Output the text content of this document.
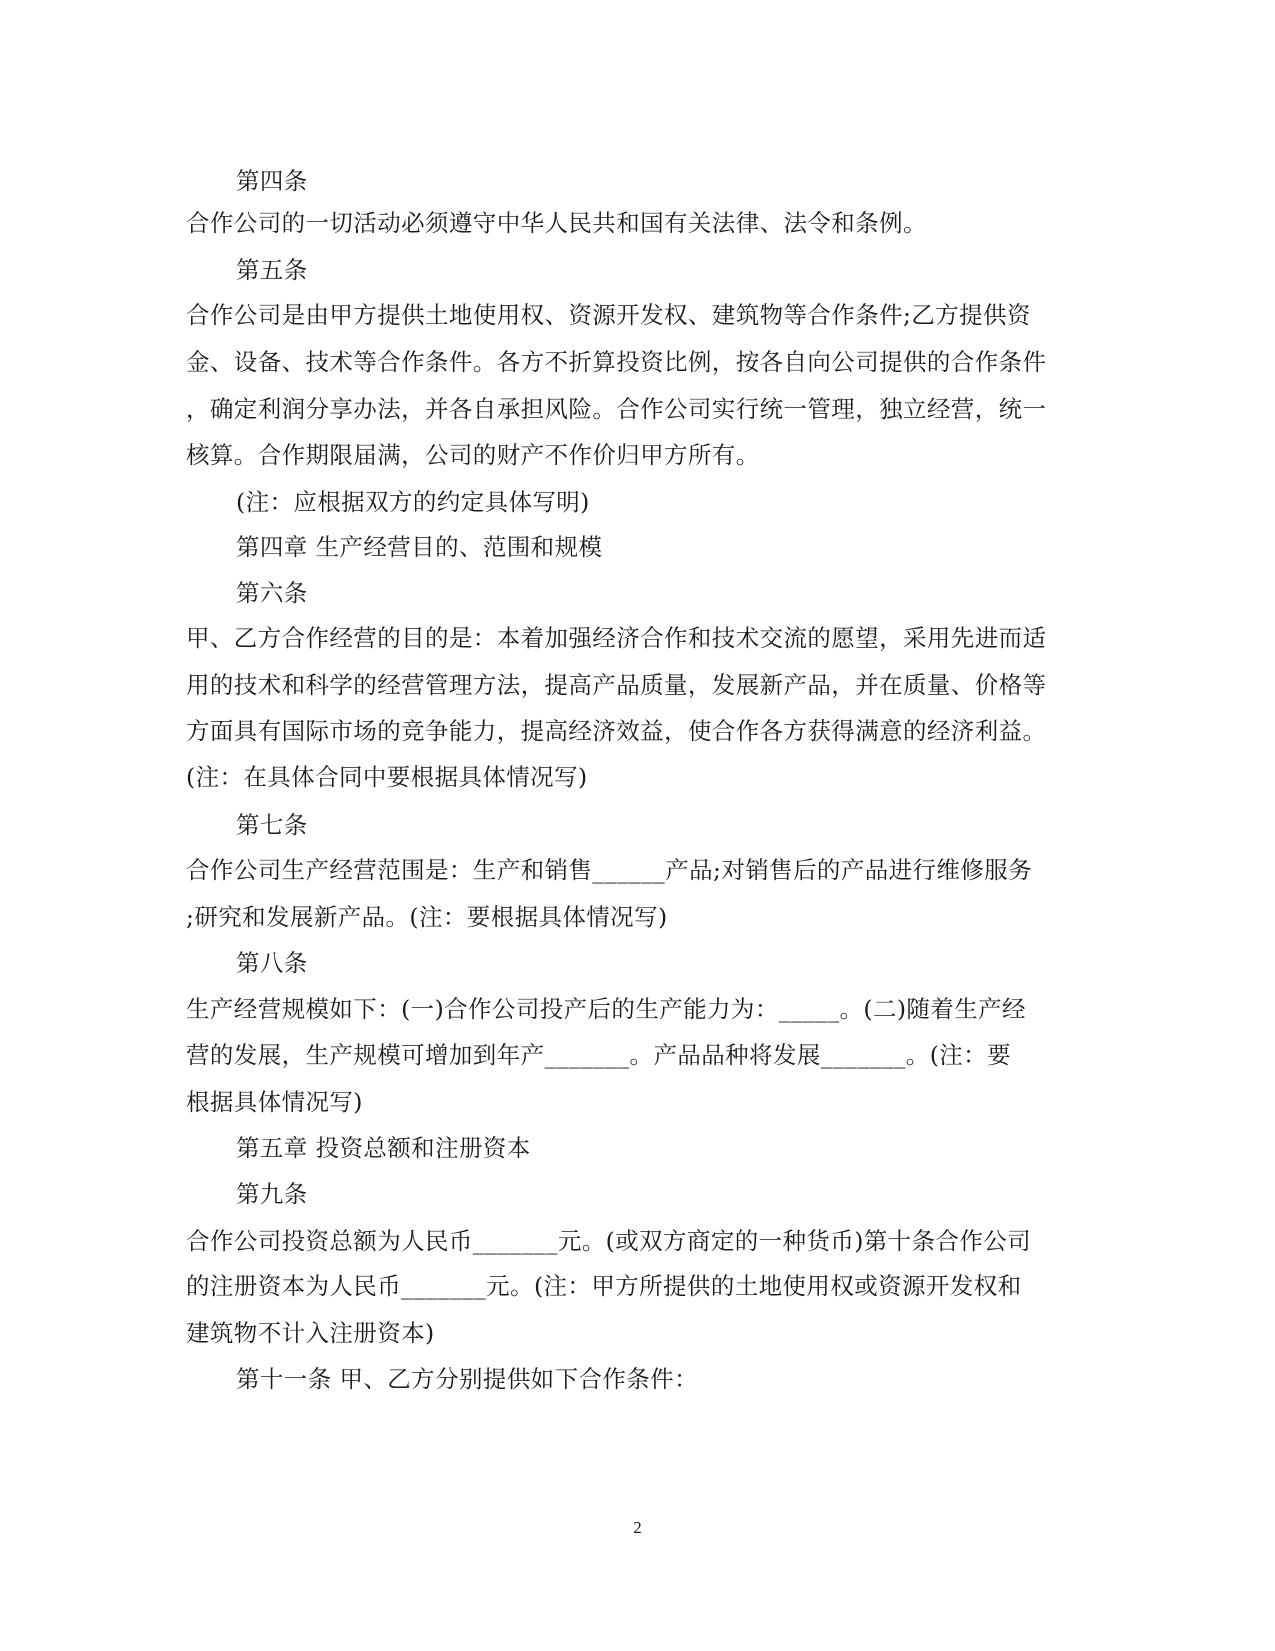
第四条
合作公司的一切活动必须遵守中华人民共和国有关法律、法令和条例。
第五条
合作公司是由甲方提供土地使用权、资源开发权、建筑物等合作条件;乙方提供资
金、设备、技术等合作条件。各方不折算投资比例，按各自向公司提供的合作条件
，确定利润分享办法，并各自承担风险。合作公司实行统一管理，独立经营，统一
核算。合作期限届满，公司的财产不作价归甲方所有。
(注：应根据双方的约定具体写明)
第四章 生产经营目的、范围和规模
第六条
甲、乙方合作经营的目的是：本着加强经济合作和技术交流的愿望，采用先进而适
用的技术和科学的经营管理方法，提高产品质量，发展新产品，并在质量、价格等
方面具有国际市场的竞争能力，提高经济效益，使合作各方获得满意的经济利益。
(注：在具体合同中要根据具体情况写)
第七条
合作公司生产经营范围是：生产和销售______产品;对销售后的产品进行维修服务
;研究和发展新产品。(注：要根据具体情况写)
第八条
生产经营规模如下：(一)合作公司投产后的生产能力为：_____。(二)随着生产经
营的发展，生产规模可增加到年产_______。产品品种将发展_______。(注：要
根据具体情况写)
第五章 投资总额和注册资本
第九条
合作公司投资总额为人民币_______元。(或双方商定的一种货币)第十条合作公司
的注册资本为人民币_______元。(注：甲方所提供的土地使用权或资源开发权和
建筑物不计入注册资本)
第十一条 甲、乙方分别提供如下合作条件：
2
